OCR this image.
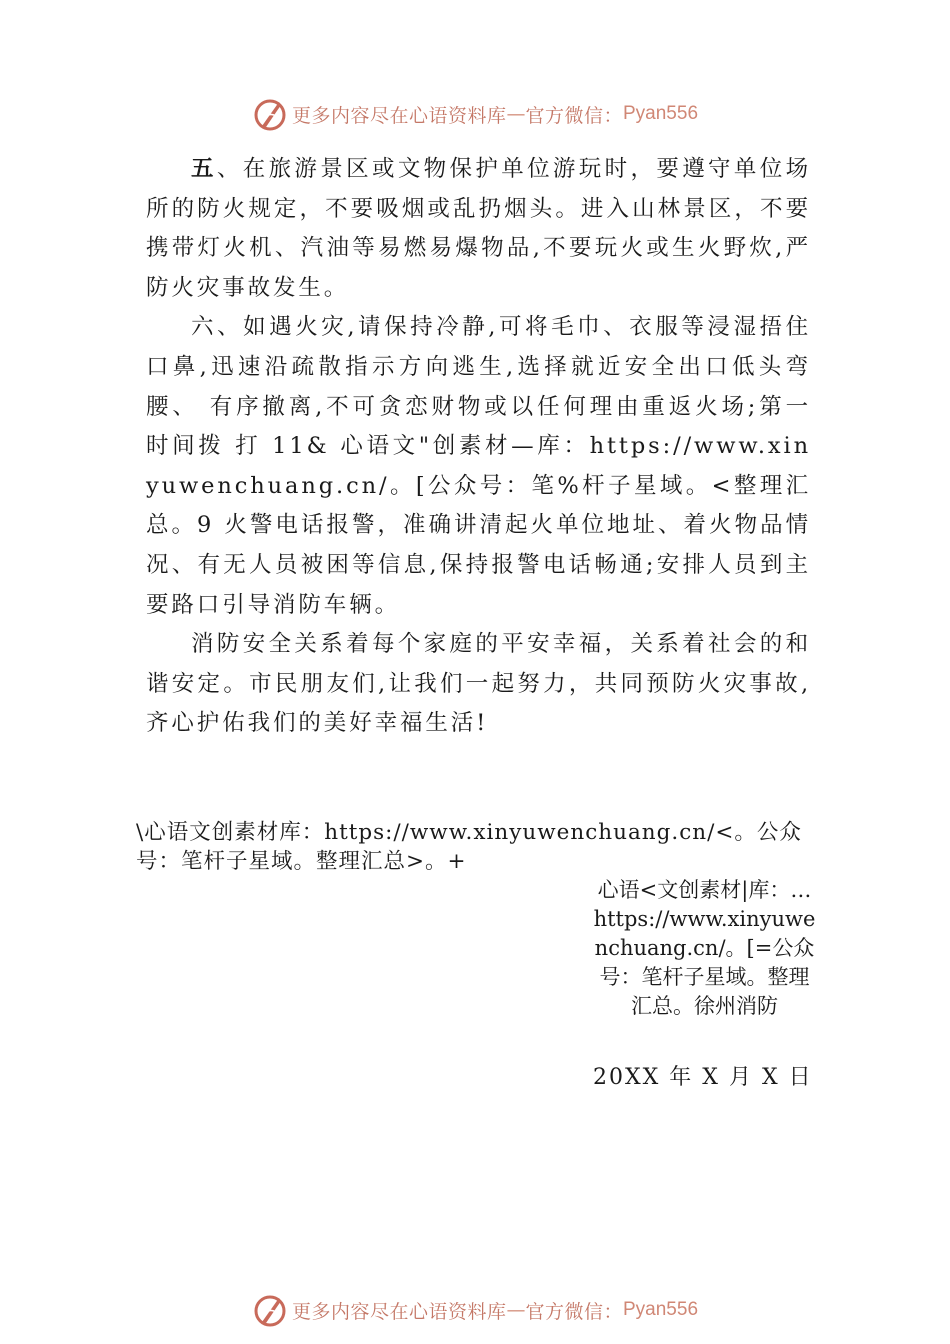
更多内容尽在心语资料库 — 官方微信： Pyan556

五、在旅游景区或文物保护单位游玩时，要遵守单位场所的防火规定，不要吸烟或乱扔烟头。进入山林景区，不要携带灯火机、汽油等易燃易爆物品,不要玩火或生火野炊,严防火灾事故发生。

六、如遇火灾,请保持冷静,可将毛巾、衣服等浸湿捂住口鼻,迅速沿疏散指示方向逃生,选择就近安全出口低头弯腰、 有序撤离,不可贪恋财物或以任何理由重返火场;第一时间拨 打 11& 心语文"创素材—库：https://www.xinyuwenchuang.cn/。[公众号：笔%杆子星域。<整理汇总。9 火警电话报警，准确讲清起火单位地址、着火物品情况、有无人员被困等信息,保持报警电话畅通;安排人员到主 要路口引导消防车辆。

消防安全关系着每个家庭的平安幸福，关系着社会的和谐安定。市民朋友们,让我们一起努力，共同预防火灾事故,齐心护佑我们的美好幸福生活!

\心语文创素材库：https://www.xinyuwenchuang.cn/<。公众号：笔杆子星域。整理汇总>。+

心语<文创素材|库：…https://www.xinyuwenchuang.cn/。[=公众号：笔杆子星域。整理汇总。徐州消防

20XX 年 X 月 X 日

更多内容尽在心语资料库 — 官方微信： Pyan556
